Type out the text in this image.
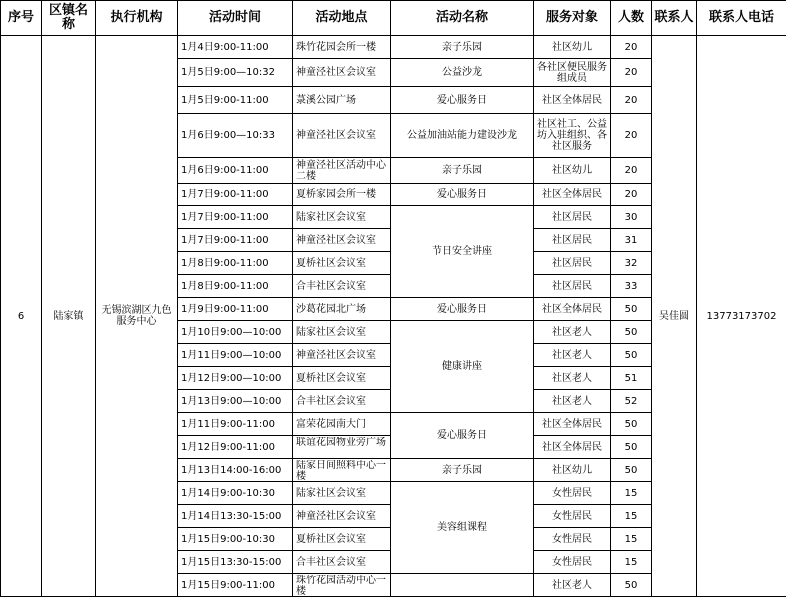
序号	区镇名称	执行机构	活动时间	活动地点	活动名称	服务对象	人数	联系人	联系人电话
6	陆家镇	无锡滨湖区九色服务中心	1月4日9:00-11:00	珠竹花园会所一楼	亲子乐园	社区幼儿	20	吴佳圆	13773173702
			1月5日9:00—10:32	神童泾社区会议室	公益沙龙	各社区便民服务组成员	20		
			1月5日9:00-11:00	菉溪公园广场	爱心服务日	社区全体居民	20		
			1月6日9:00—10:33	神童泾社区会议室	公益加油站能力建设沙龙	社区社工、公益坊入驻组织、各社区服务	20		
			1月6日9:00-11:00	神童泾社区活动中心二楼	亲子乐园	社区幼儿	20		
			1月7日9:00-11:00	夏桥家园会所一楼	爱心服务日	社区全体居民	20		
			1月7日9:00-11:00	陆家社区会议室	节日安全讲座	社区居民	30		
			1月7日9:00-11:00	神童泾社区会议室		社区居民	31		
			1月8日9:00-11:00	夏桥社区会议室		社区居民	32		
			1月8日9:00-11:00	合丰社区会议室		社区居民	33		
			1月9日9:00-11:00	沙葛花园北广场	爱心服务日	社区全体居民	50		
			1月10日9:00—10:00	陆家社区会议室	健康讲座	社区老人	50		
			1月11日9:00—10:00	神童泾社区会议室		社区老人	50		
			1月12日9:00—10:00	夏桥社区会议室		社区老人	51		
			1月13日9:00—10:00	合丰社区会议室		社区老人	52		
			1月11日9:00-11:00	富荣花园南大门	爱心服务日	社区全体居民	50		
			1月12日9:00-11:00	联谊花园物业旁广场		社区全体居民	50		
			1月13日14:00-16:00	陆家日间照料中心一楼	亲子乐园	社区幼儿	50		
			1月14日9:00-10:30	陆家社区会议室	美容组课程	女性居民	15		
			1月14日13:30-15:00	神童泾社区会议室		女性居民	15		
			1月15日9:00-10:30	夏桥社区会议室		女性居民	15		
			1月15日13:30-15:00	合丰社区会议室		女性居民	15		
			1月15日9:00-11:00	珠竹花园活动中心一楼		社区老人	50		
